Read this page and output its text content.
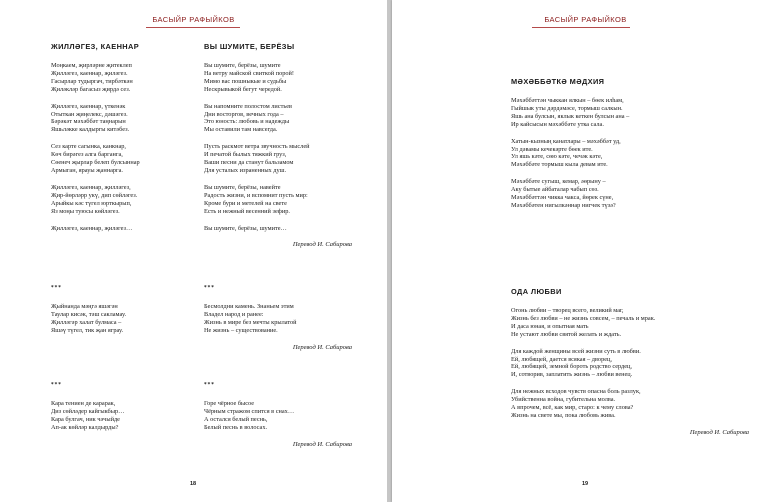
БАСЫЙР РАФЫЙКОВ
ЖИЛЛӘГЕЗ, КАЕННАР
Моңкаем, җирләрне җитеклеп
Җилләгез, каеннар, җиләгез.
Гасырлар тудыргач, тирбәткән
Җиләкләр багасыз җирдә сез.
Җилләгез, каеннар, үткенәк
Отыткан җиңелекс, дәшәгез.
Бәрәкәт мәхәббәт таңнарын
Яшьләкке калдыргы китәбез.
Сез карте сагынка, канкнар,
Көч бирәгез алга барганга,
Сөенеч җырлар белеп булсыннар
Армыган, ярауы җаннарга.
Җилләгез, каеннар, җилләгез,
Җир-йөрләрр укү, дип сөйләгез.
Арыйкы кәс түгел юрткырып,
Яз моңы туюсы көйләгез.
Җилләгез, каеннар, җиләгез…
ВЫ ШУМИТЕ, БЕРЁЗЫ
Вы шумите, берёзы, шумите
На ветру майской свиткой порой!
Мимо вас пошныкые и судьбы
Нескрывыкой бегут чередой.
Вы напомните полостом листьев
Дни восторгов, вечных года –
Это юность: любовь и надежды
Мы оставили там навсегда.
Пусть раскмот ветра звучность мыслей
И печатой былых тяжкий груз,
Ваши песни да станут бальзамом
Для усталых израненных душ.
Вы шумите, берёзы, навейте
Радость жизни, и вспомнит пусть мир:
Кроме бури и метелей на свете
Есть и нежный весенний зефир.
Вы шумите, берёзы, шумите…
Перевод И. Сабирова
***
Җыйнанда мәңгә яшәгән
Таулар кисәк, тәш сакламау.
Җилләгәр халат булмаса –
Яшәү түгел, тик җан яграу.
***
Бесмолдни камень. Знаньем этим
Владел народ и ранее:
Жизнь в мире без мечты крылатой
Не жизнь – существование.
Перевод И. Сабирова
***
Кара тениен де карарак,
Диз сөйләдер кайгыкбыр…
Кара булгач, ник чәчыйде
Ап-ак көйләр калдырды?
***
Горе чёрное бысое
Чёрным стражом спится в снах…
А остался белый песнь,
Белый песнь в волосах.
Перевод И. Сабирова
18
БАСЫЙР РАФЫЙКОВ
МӘХӘББӘТКӘ МӘДХИЯ
Мәхәббәттән чыккан ялкын – бөек илһам,
Гыйшык уты дәрдәмәсе, тормыш салкын.
Яшь ана булсын, яклык кеткен булсын ана –
Ир кайсысын мәхәббәте утка сала.
Хатын-кызның канатлары – мәхәббәт уд,
Ул дәвамы кечекәрте бөек ите.
Ул яшь кәте, сөю кәте, чечәк кәте,
Мәхәббәте тормыш кыла девам ите.
Мәхәббәте сугыш, кемар, әөрыну –
Аку бытые айбаталар чабып сөз.
Мәхәббәттән чикка чакса, йөрек сүне,
Мәхәббәтен нигылкәннар нигчек түзә?
ОДА ЛЮБВИ
Огонь любви – творец всего, великий маг,
Жизнь без любви – не жизнь совсем, – печаль и мрак.
И даса юная, и опытная мать
Не устают любви святой желать и ждать.
Для каждой женщины всей жизни суть в любви.
Ей, любящей, дается всякая – дворец,
Ей, любящей, земной бороть родство сердец,
И, сотворив, заплатить жизнь – любви венец.
Для нежных всходов чувств опасна боль разлук,
Убийственна война, губительна молва.
А впрочем, всё, как мир, старо: к чему слова?
Жизнь на свете мы, пока любовь жива.
Перевод И. Сабирова
19
